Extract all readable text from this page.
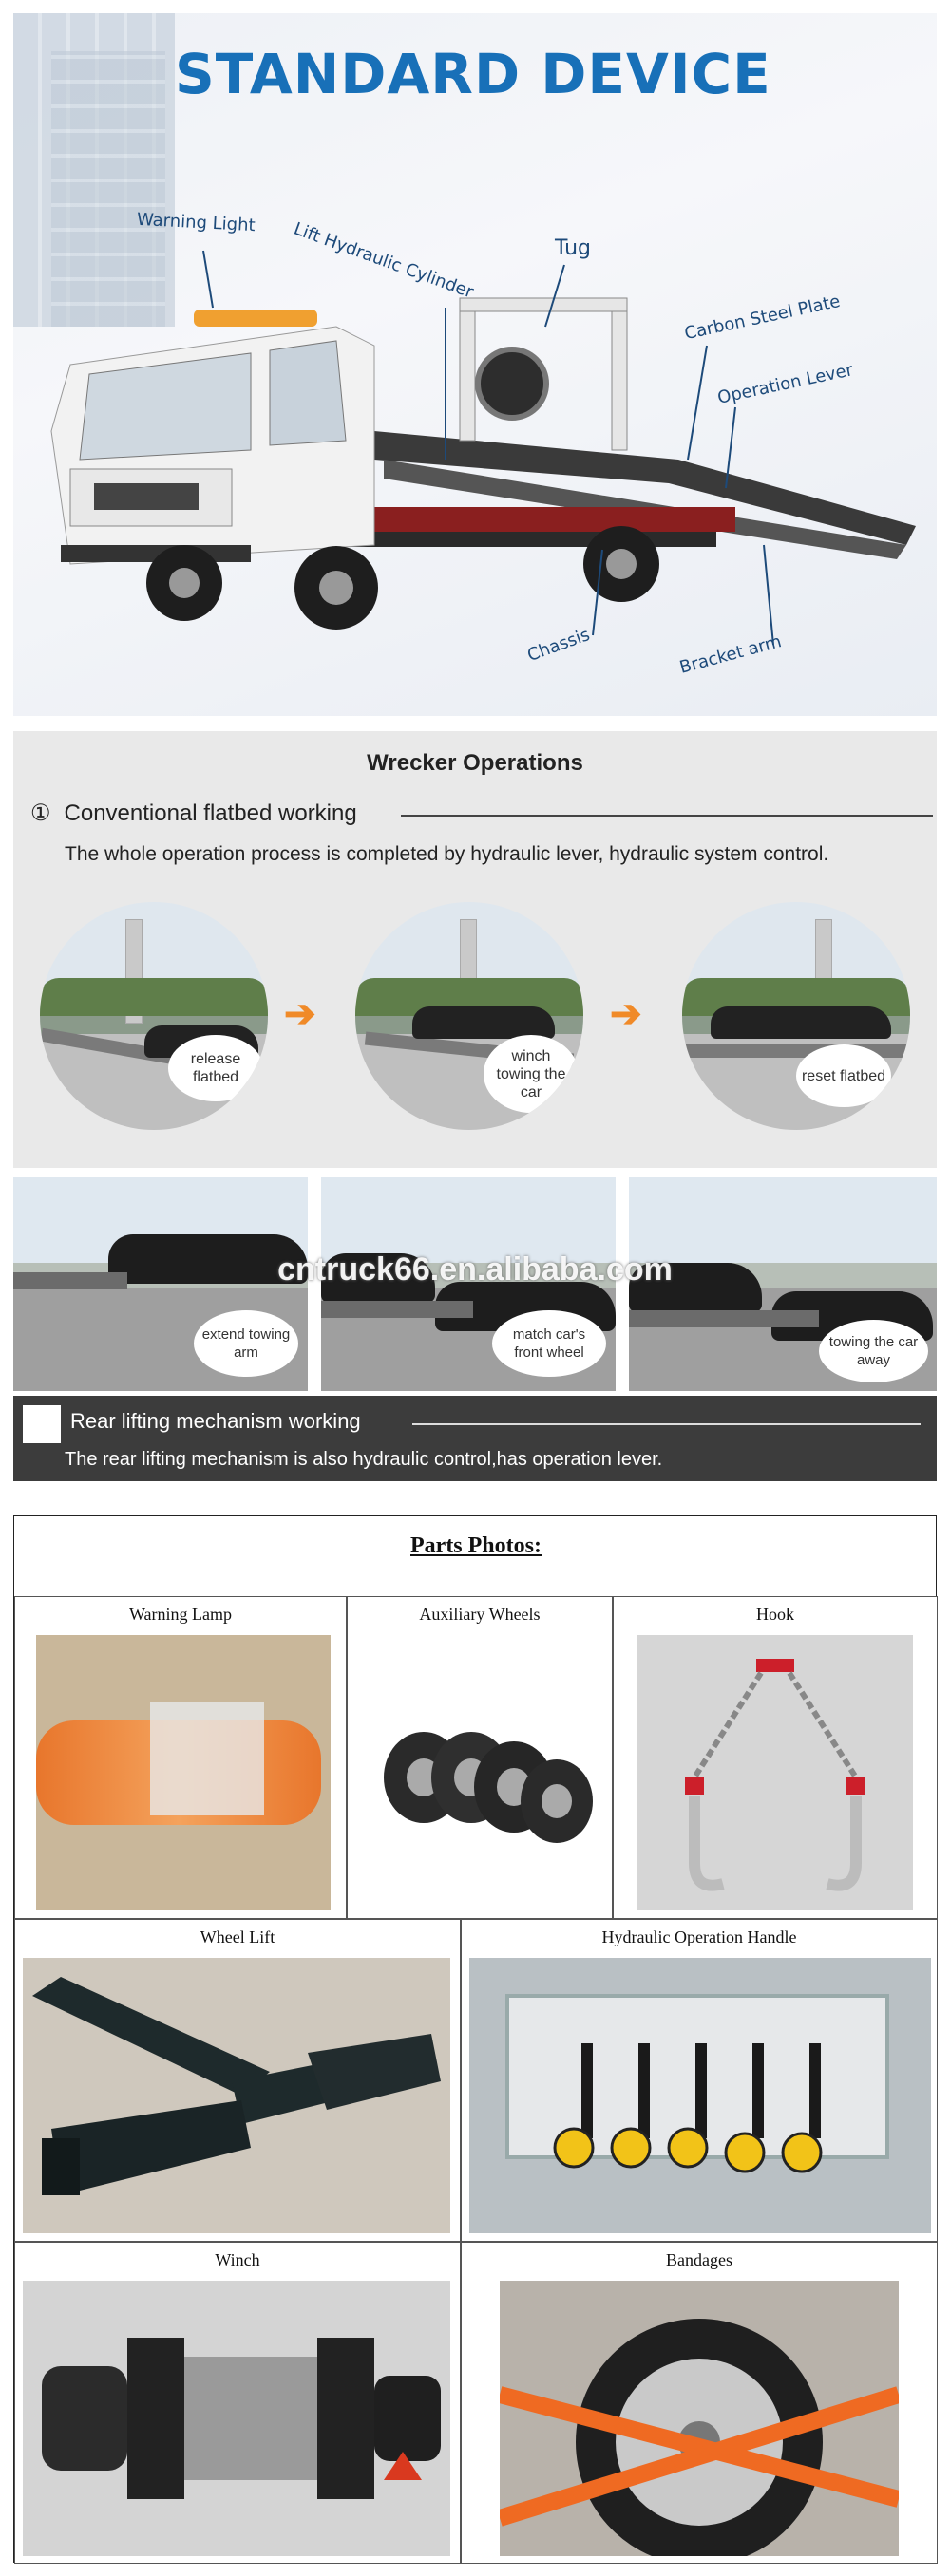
STANDARD DEVICE
Warning Light Lift Hydraulic Cylinder	Tug
Carbon Steel Plate
Operation Lever
Chassis	Bracket arm
Wrecker Operations
① Conventional flatbed working
The whole operation process is completed by hydraulic lever, hydraulic system control.
release flatbed
➔
winch towing the car
➔
reset flatbed
extend towing arm
match car's front wheel
towing the car away
cntruck66.en.alibaba.com
Rear lifting mechanism working
The rear lifting mechanism is also hydraulic control,has operation lever.
Parts Photos:
Warning Lamp	Auxiliary Wheels	Hook
Wheel Lift	Hydraulic Operation Handle
Winch	Bandages
